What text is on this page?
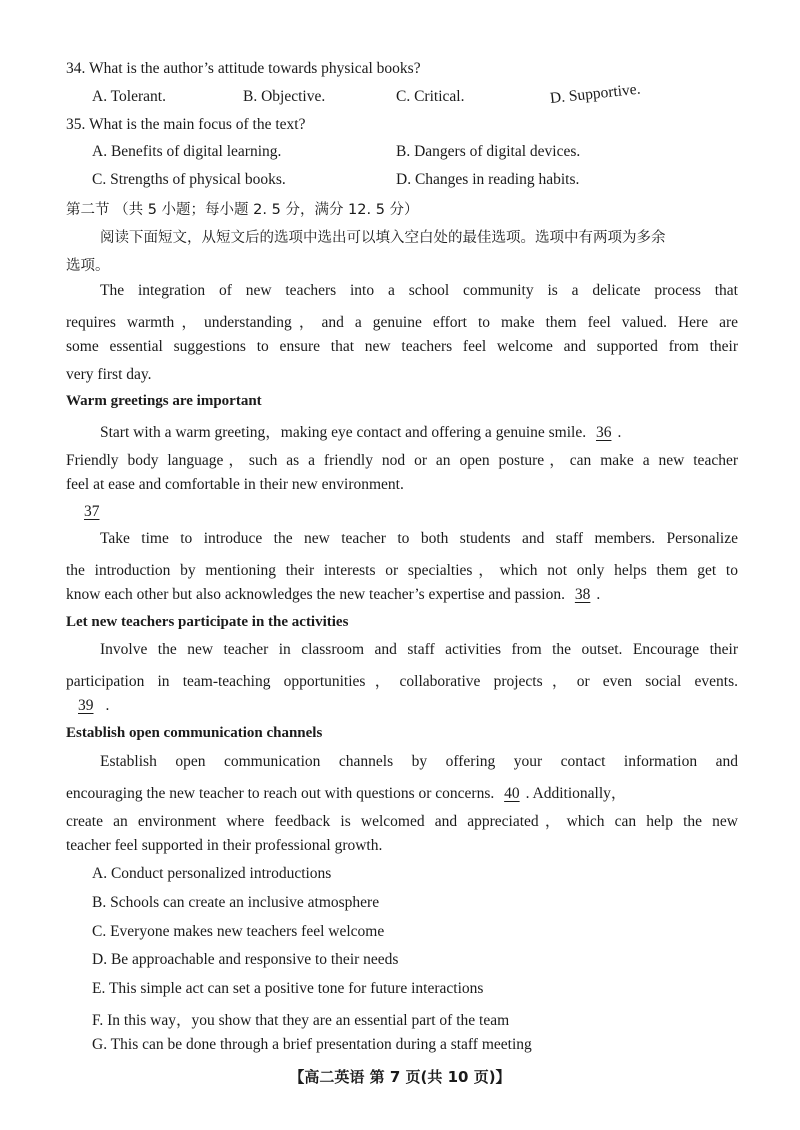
34. What is the author’s attitude towards physical books?
A. Tolerant.	B. Objective.	C. Critical.	D. Supportive.
35. What is the main focus of the text?
A. Benefits of digital learning.	B. Dangers of digital devices.
C. Strengths of physical books.	D. Changes in reading habits.
第二节 （共 5 小题；每小题 2. 5 分，满分 12. 5 分）
阅读下面短文，从短文后的选项中选出可以填入空白处的最佳选项。选项中有两项为多余
选项。
The integration of new teachers into a school community is a delicate process that
requires warmth，understanding，and a genuine effort to make them feel valued. Here are
some essential suggestions to ensure that new teachers feel welcome and supported from their
very first day.
Warm greetings are important
Start with a warm greeting，making eye contact and offering a genuine smile. 36 .
Friendly body language，such as a friendly nod or an open posture，can make a new teacher
feel at ease and comfortable in their new environment.
37
Take time to introduce the new teacher to both students and staff members. Personalize
the introduction by mentioning their interests or specialties，which not only helps them get to
know each other but also acknowledges the new teacher’s expertise and passion. 38 .
Let new teachers participate in the activities
Involve the new teacher in classroom and staff activities from the outset. Encourage their
participation in team-teaching opportunities，collaborative projects，or even social events.
39 .
Establish open communication channels
Establish open communication channels by offering your contact information and
encouraging the new teacher to reach out with questions or concerns. 40 . Additionally，
create an environment where feedback is welcomed and appreciated，which can help the new
teacher feel supported in their professional growth.
A. Conduct personalized introductions
B. Schools can create an inclusive atmosphere
C. Everyone makes new teachers feel welcome
D. Be approachable and responsive to their needs
E. This simple act can set a positive tone for future interactions
F. In this way，you show that they are an essential part of the team
G. This can be done through a brief presentation during a staff meeting
【高二英语 第 7 页(共 10 页)】
